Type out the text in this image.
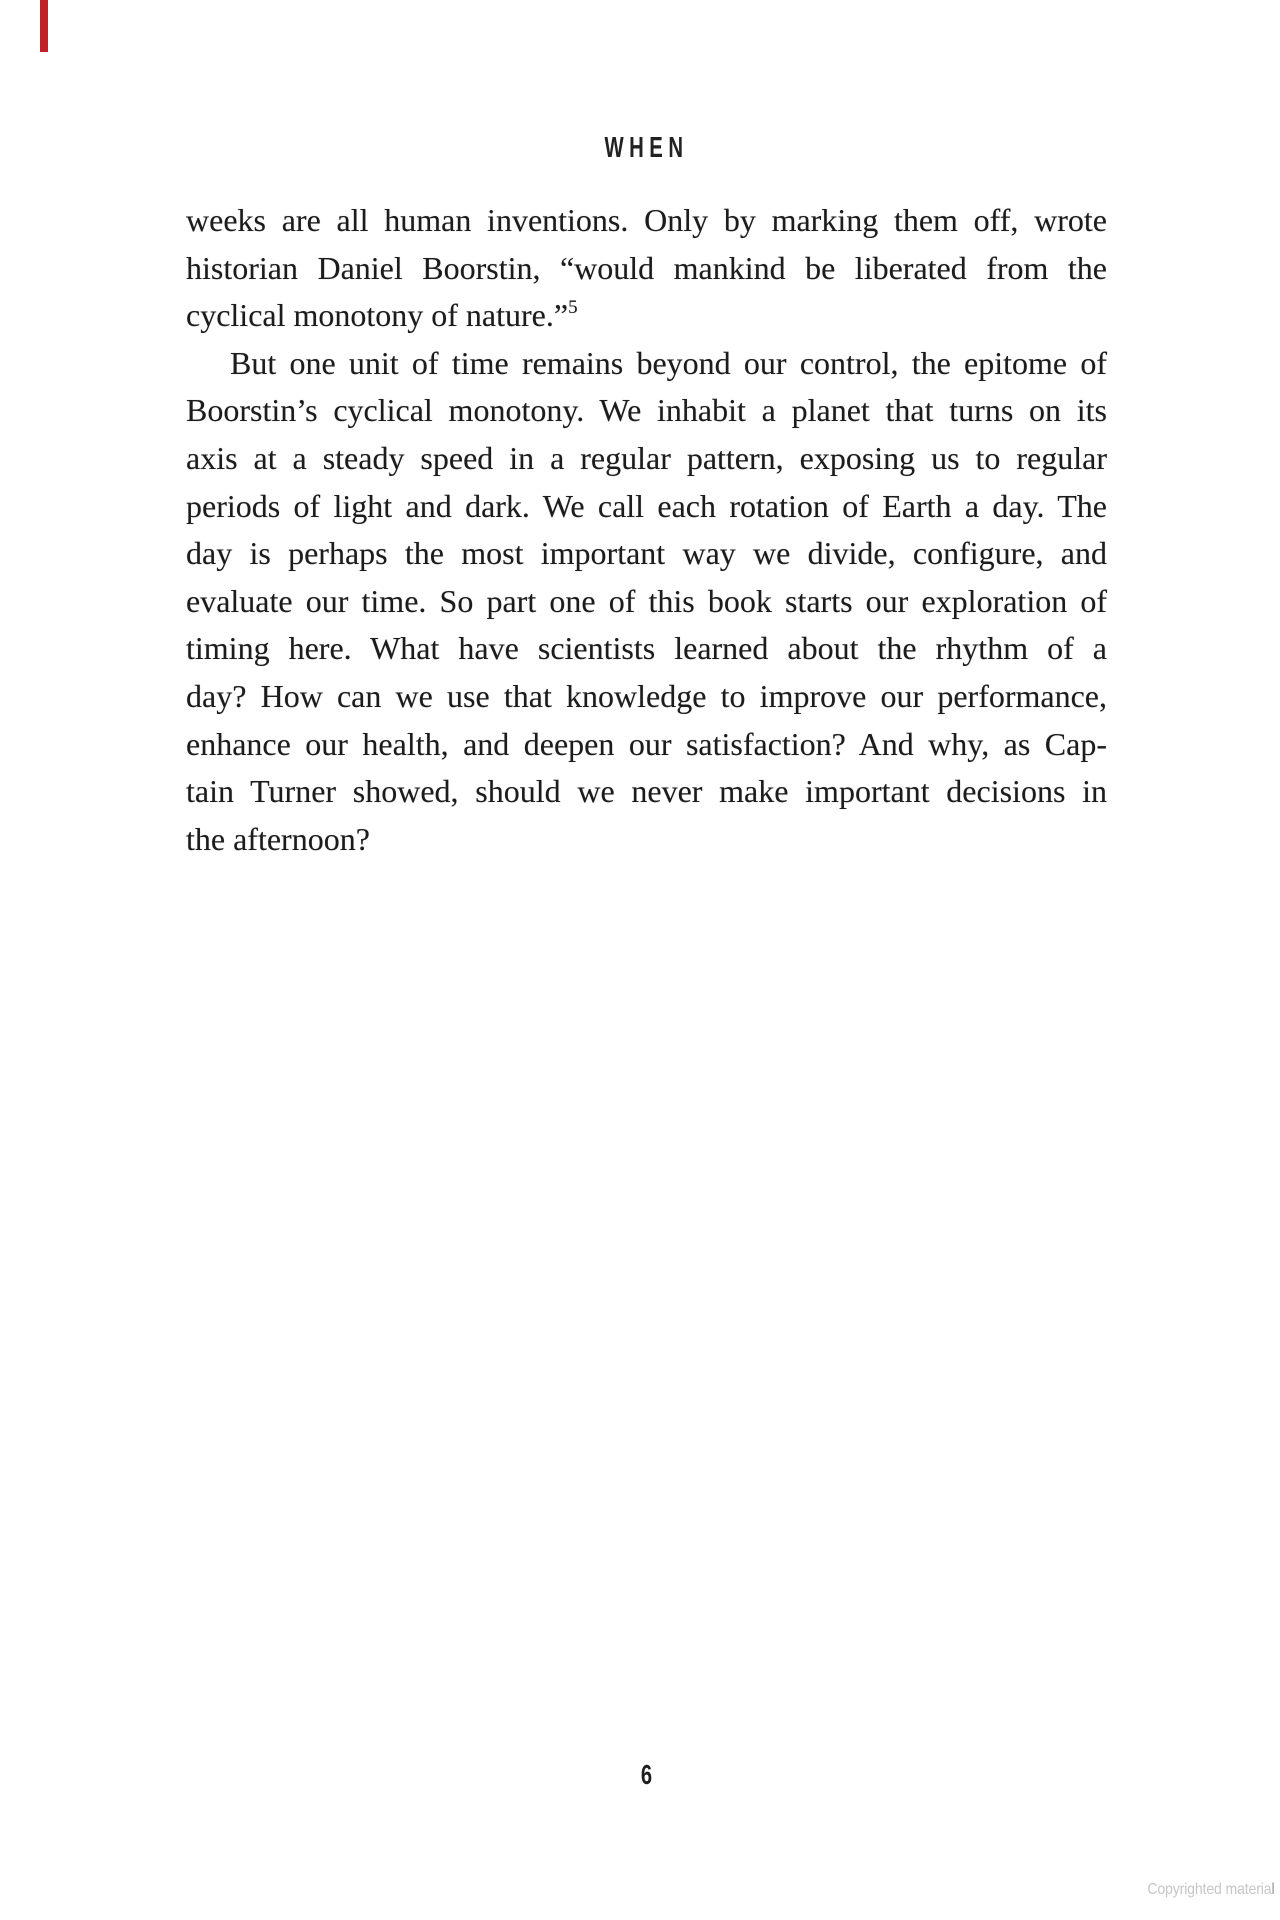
WHEN
weeks are all human inventions. Only by marking them off, wrote
historian Daniel Boorstin, “would mankind be liberated from the
cyclical monotony of nature.”$^5$
But one unit of time remains beyond our control, the epitome of
Boorstin’s cyclical monotony. We inhabit a planet that turns on its
axis at a steady speed in a regular pattern, exposing us to regular
periods of light and dark. We call each rotation of Earth a day. The
day is perhaps the most important way we divide, configure, and
evaluate our time. So part one of this book starts our exploration of
timing here. What have scientists learned about the rhythm of a
day? How can we use that knowledge to improve our performance,
enhance our health, and deepen our satisfaction? And why, as Cap-
tain Turner showed, should we never make important decisions in
the afternoon?
6
Copyrighted material
